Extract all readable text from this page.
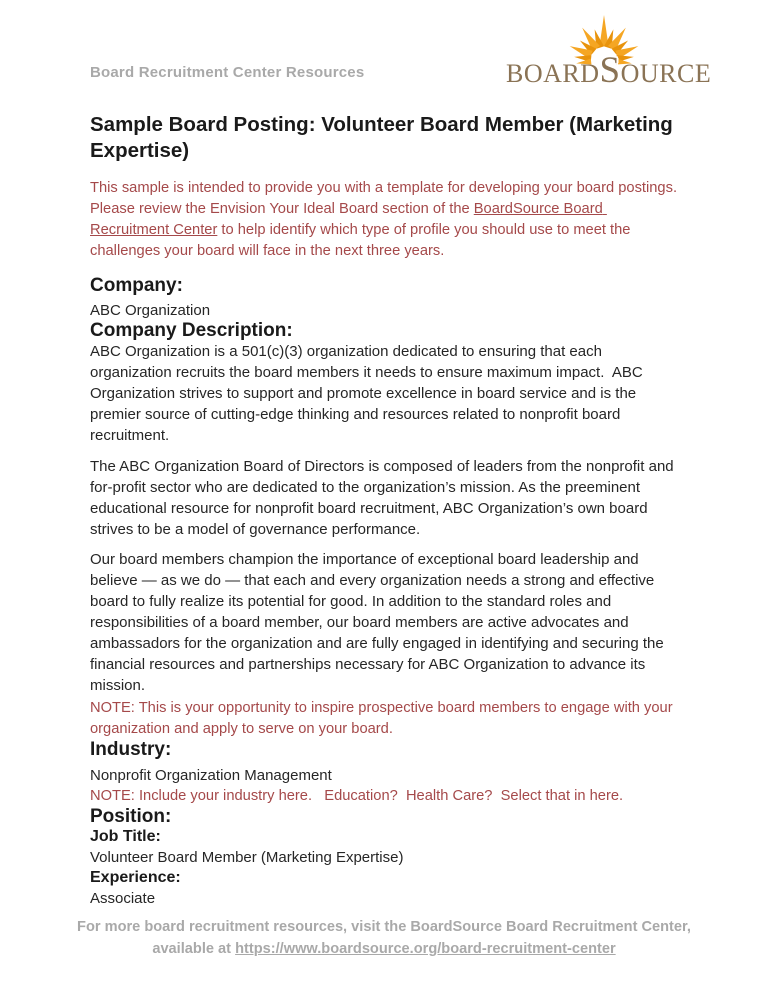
BOARDSOURCE
Board Recruitment Center Resources
Sample Board Posting: Volunteer Board Member (Marketing Expertise)

This sample is intended to provide you with a template for developing your board postings.  Please review the Envision Your Ideal Board section of the BoardSource Board Recruitment Center to help identify which type of profile you should use to meet the challenges your board will face in the next three years.

Company:

ABC Organization

Company Description:

ABC Organization is a 501(c)(3) organization dedicated to ensuring that each organization recruits the board members it needs to ensure maximum impact.  ABC Organization strives to support and promote excellence in board service and is the premier source of cutting-edge thinking and resources related to nonprofit board recruitment.

The ABC Organization Board of Directors is composed of leaders from the nonprofit and for-profit sector who are dedicated to the organization’s mission. As the preeminent educational resource for nonprofit board recruitment, ABC Organization’s own board strives to be a model of governance performance.

Our board members champion the importance of exceptional board leadership and believe — as we do — that each and every organization needs a strong and effective board to fully realize its potential for good. In addition to the standard roles and responsibilities of a board member, our board members are active advocates and ambassadors for the organization and are fully engaged in identifying and securing the financial resources and partnerships necessary for ABC Organization to advance its mission.

NOTE: This is your opportunity to inspire prospective board members to engage with your organization and apply to serve on your board.

Industry:

Nonprofit Organization Management

NOTE: Include your industry here.   Education?  Health Care?  Select that in here.

Position:
Job Title:

Volunteer Board Member (Marketing Expertise)

Experience:

Associate

For more board recruitment resources, visit the BoardSource Board Recruitment Center,
available at https://www.boardsource.org/board-recruitment-center
